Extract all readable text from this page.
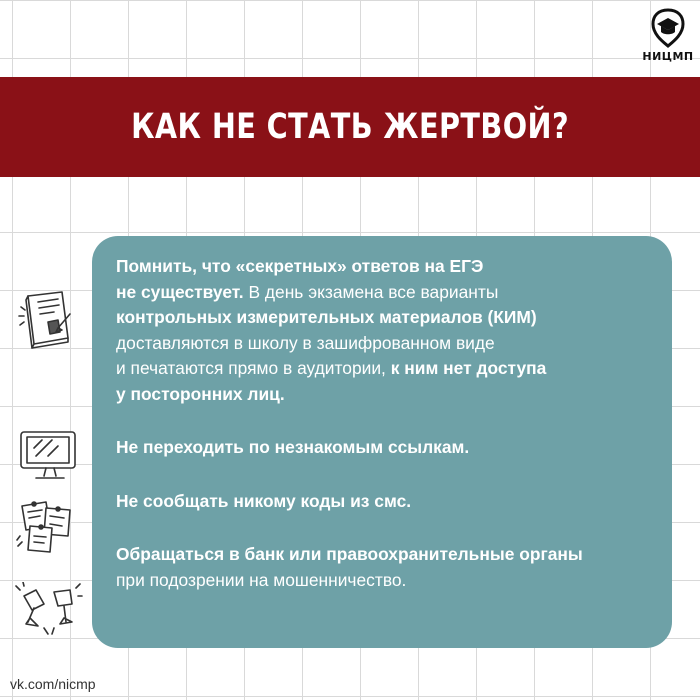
НИЦМП
КАК НЕ СТАТЬ ЖЕРТВОЙ?

Помнить, что «секретных» ответов на ЕГЭ
не существует. В день экзамена все варианты
контрольных измерительных материалов (КИМ)
доставляются в школу в зашифрованном виде
и печатаются прямо в аудитории, к ним нет доступа
у посторонних лиц.

Не переходить по незнакомым ссылкам.

Не сообщать никому коды из смс.

Обращаться в банк или правоохранительные органы
при подозрении на мошенничество.

vk.com/nicmp
